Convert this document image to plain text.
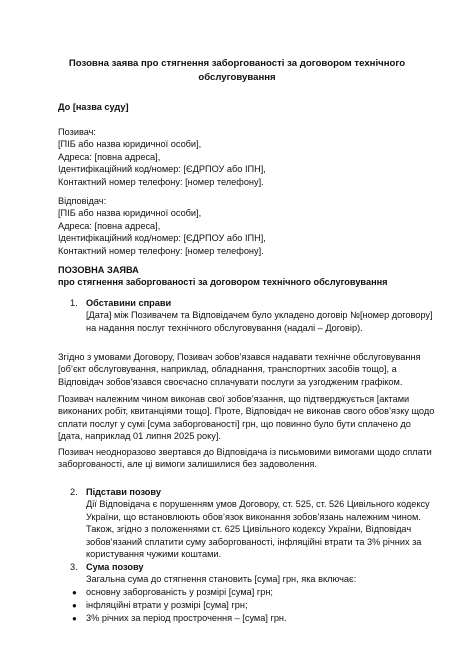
Позовна заява про стягнення заборгованості за договором технічного
обслуговування
До [назва суду]
Позивач:
[ПІБ або назва юридичної особи],
Адреса: [повна адреса],
Ідентифікаційний код/номер: [ЄДРПОУ або ІПН],
Контактний номер телефону: [номер телефону].
Відповідач:
[ПІБ або назва юридичної особи],
Адреса: [повна адреса],
Ідентифікаційний код/номер: [ЄДРПОУ або ІПН],
Контактний номер телефону: [номер телефону].
ПОЗОВНА ЗАЯВА
про стягнення заборгованості за договором технічного обслуговування
1. Обставини справи
[Дата] між Позивачем та Відповідачем було укладено договір №[номер договору]
на надання послуг технічного обслуговування (надалі – Договір).
Згідно з умовами Договору, Позивач зобов’язався надавати технічне обслуговування
[об’єкт обслуговування, наприклад, обладнання, транспортних засобів тощо], а
Відповідач зобов’язався своєчасно сплачувати послуги за узгодженим графіком.
Позивач належним чином виконав свої зобов’язання, що підтверджується [актами
виконаних робіт, квитанціями тощо]. Проте, Відповідач не виконав свого обов’язку щодо
сплати послуг у сумі [сума заборгованості] грн, що повинно було бути сплачено до
[дата, наприклад 01 липня 2025 року].
Позивач неодноразово звертався до Відповідача із письмовими вимогами щодо сплати
заборгованості, але ці вимоги залишилися без задоволення.
2. Підстави позову
Дії Відповідача є порушенням умов Договору, ст. 525, ст. 526 Цивільного кодексу
України, що встановлюють обов’язок виконання зобов’язань належним чином.
Також, згідно з положеннями ст. 625 Цивільного кодексу України, Відповідач
зобов’язаний сплатити суму заборгованості, інфляційні втрати та 3% річних за
користування чужими коштами.
3. Сума позову
Загальна сума до стягнення становить [сума] грн, яка включає:
● основну заборгованість у розмірі [сума] грн;
● інфляційні втрати у розмірі [сума] грн;
● 3% річних за період прострочення – [сума] грн.
